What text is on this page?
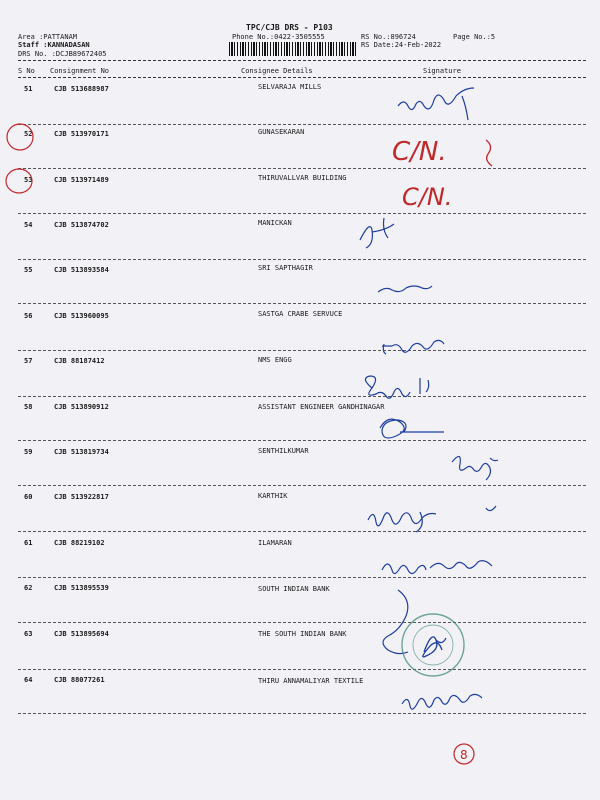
TPC/CJB DRS - P103
Phone No.:0422-3505555	Page No.:5
Area :PATTANAM
Staff :KANNADASAN
DRS No. :DCJB89672405
RS No.:896724
RS Date:24-Feb-2022
S No Consignment No	Consignee Details	Signature
51	CJB 513688987	SELVARAJA MILLS
52	CJB 513970171	GUNASEKARAN
53	CJB 513971489	THIRUVALLVAR BUILDING
54	CJB 513874702	MANICKAN
55	CJB 513893584	SRI SAPTHAGIR
56	CJB 513960095	SASTGA CRABE SERVUCE
57	CJB 88187412	NMS ENGG
58	CJB 513890912	ASSISTANT ENGINEER GANDHINAGAR
59	CJB 513819734	SENTHILKUMAR
60	CJB 513922817	KARTHIK
61	CJB 88219102	ILAMARAN
62	CJB 513895539	SOUTH INDIAN BANK
63	CJB 513895694	THE SOUTH INDIAN BANK
64	CJB 88077261	THIRU ANNAMALIYAR TEXTILE
C/N.
C/N.
8
